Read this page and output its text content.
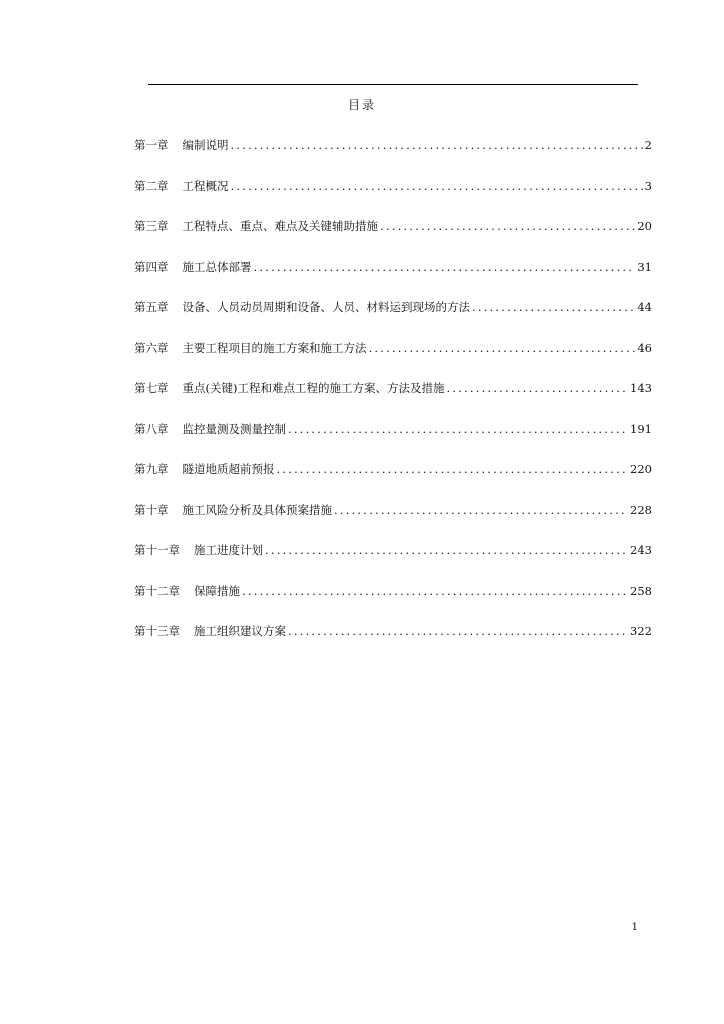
目录
第一章 编制说明 .....	2
第二章 工程概况 .....	3
第三章 工程特点、重点、难点及关键辅助措施 .....	20
第四章 施工总体部署 .....	31
第五章 设备、人员动员周期和设备、人员、材料运到现场的方法 .....	44
第六章 主要工程项目的施工方案和施工方法 .....	46
第七章 重点(关键)工程和难点工程的施工方案、方法及措施 .....	143
第八章 监控量测及测量控制 .....	191
第九章 隧道地质超前预报 .....	220
第十章 施工风险分析及具体预案措施 .....	228
第十一章 施工进度计划 .....	243
第十二章 保障措施 .....	258
第十三章 施工组织建议方案 .....	322
1
